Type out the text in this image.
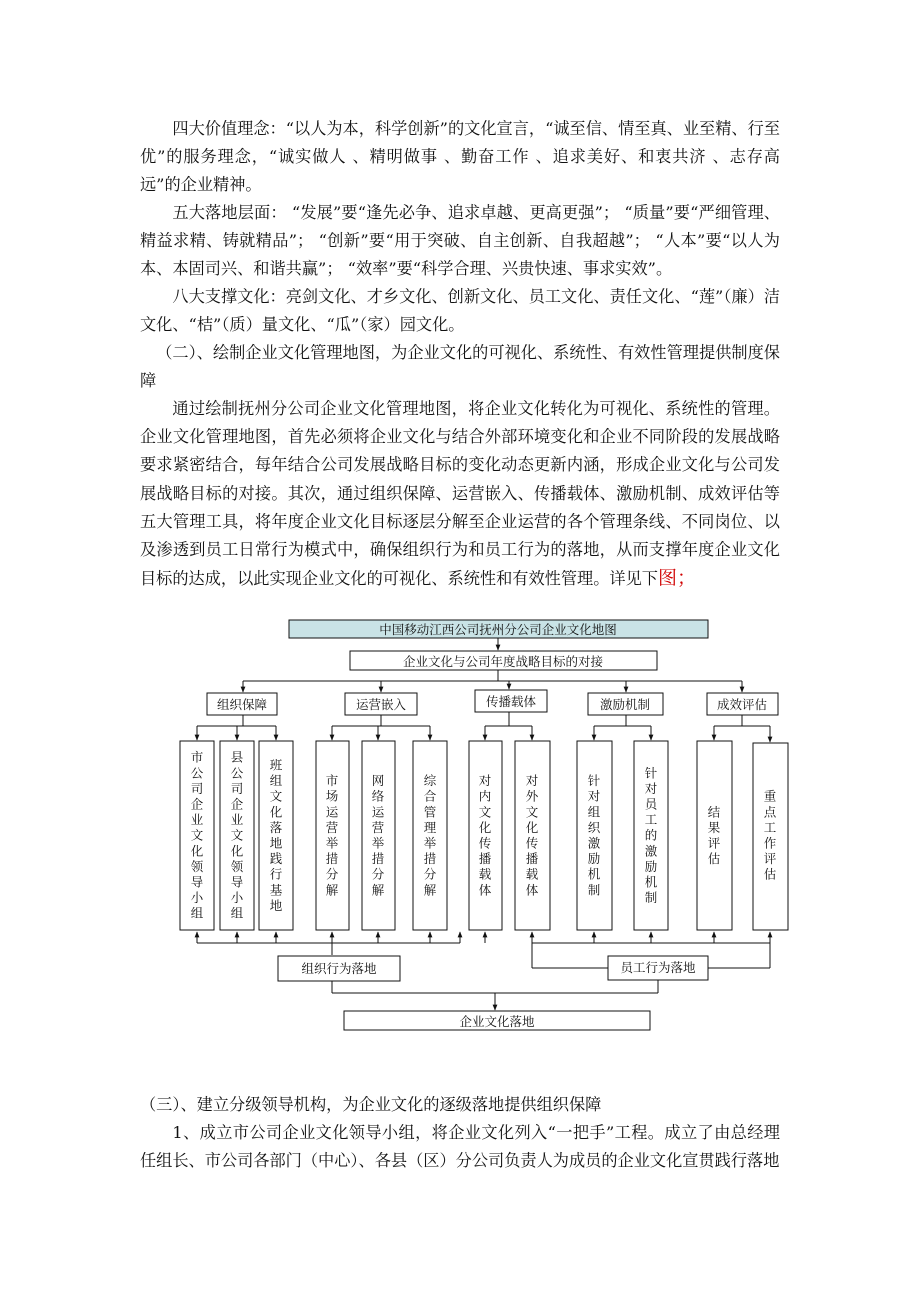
四大价值理念：“以人为本，科学创新”的文化宣言，“诚至信、情至真、业至精、行至优”的服务理念，“诚实做人 、精明做事 、勤奋工作 、追求美好、和衷共济 、志存高远”的企业精神。

五大落地层面： “发展”要“逢先必争、追求卓越、更高更强”； “质量”要“严细管理、精益求精、铸就精品”； “创新”要“用于突破、自主创新、自我超越”； “人本”要“以人为本、本固司兴、和谐共赢”； “效率”要“科学合理、兴贵快速、事求实效”。

八大支撑文化：亮剑文化、才乡文化、创新文化、员工文化、责任文化、“莲”（廉）洁文化、“桔”（质）量文化、“瓜”（家）园文化。

（二）、绘制企业文化管理地图，为企业文化的可视化、系统性、有效性管理提供制度保障

通过绘制抚州分公司企业文化管理地图，将企业文化转化为可视化、系统性的管理。企业文化管理地图，首先必须将企业文化与结合外部环境变化和企业不同阶段的发展战略要求紧密结合，每年结合公司发展战略目标的变化动态更新内涵，形成企业文化与公司发展战略目标的对接。其次，通过组织保障、运营嵌入、传播载体、激励机制、成效评估等五大管理工具，将年度企业文化目标逐层分解至企业运营的各个管理条线、不同岗位、以及渗透到员工日常行为模式中，确保组织行为和员工行为的落地，从而支撑年度企业文化目标的达成，以此实现企业文化的可视化、系统性和有效性管理。详见下图；

中国移动江西公司抚州分公司企业文化地图
企业文化与公司年度战略目标的对接
组织保障	运营嵌入	传播载体	激励机制	成效评估
组织行为落地	员工行为落地
企业文化落地
市公司企业文化领导小组
县公司企业文化领导小组
班组文化落地践行基地
市场运营举措分解
网络运营举措分解
综合管理举措分解
对内文化传播载体
对外文化传播载体
针对组织激励机制
针对员工的激励机制
结果评估
重点工作评估

（三）、建立分级领导机构，为企业文化的逐级落地提供组织保障

1、成立市公司企业文化领导小组，将企业文化列入“一把手”工程。成立了由总经理任组长、市公司各部门（中心）、各县（区）分公司负责人为成员的企业文化宣贯践行落地
